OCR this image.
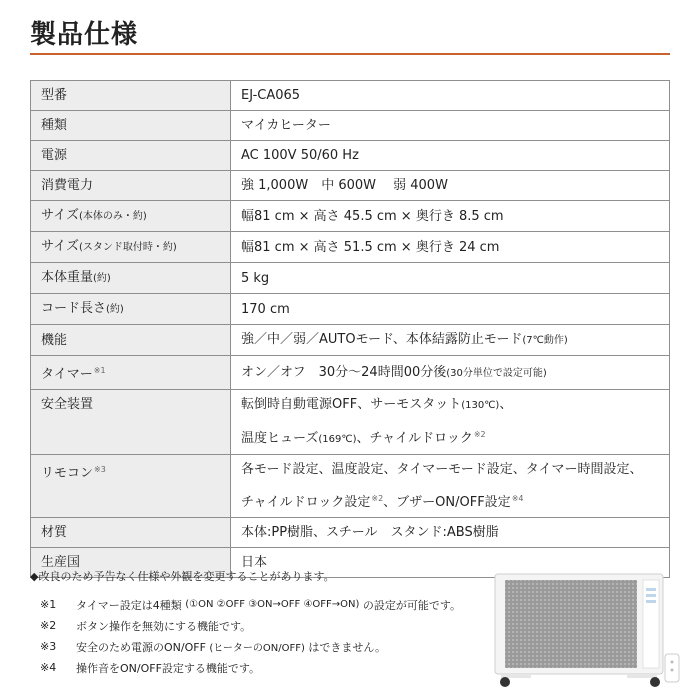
製品仕様
型番	EJ-CA065
種類	マイカヒーター
電源	AC 100V 50/60 Hz
消費電力	強 1,000W　中 600W　 弱 400W
サイズ(本体のみ・約)	幅81 cm × 高さ 45.5 cm × 奥行き 8.5 cm
サイズ(スタンド取付時・約)	幅81 cm × 高さ 51.5 cm × 奥行き 24 cm
本体重量(約)	5 kg
コード長さ(約)	170 cm
機能	強／中／弱／AUTOモード、本体結露防止モード(7℃動作)
タイマー$^{※1}$	オン／オフ　30分〜24時間00分後(30分単位で設定可能)
安全装置	転倒時自動電源OFF、サーモスタット(130℃)、
温度ヒューズ(169℃)、チャイルドロック$^{※2}$

リモコン$^{※3}$	各モード設定、温度設定、タイマーモード設定、タイマー時間設定、
チャイルドロック設定$^{※2}$、ブザーON/OFF設定$^{※4}$

材質	本体:PP樹脂、スチール　スタンド:ABS樹脂
生産国	日本
◆改良のため予告なく仕様や外観を変更することがあります。
※1	タイマー設定は4種類 (①ON ②OFF ③ON→OFF ④OFF→ON) の設定が可能です。
※2	ボタン操作を無効にする機能です。
※3	安全のため電源のON/OFF (ヒーターのON/OFF) はできません。
※4	操作音をON/OFF設定する機能です。
